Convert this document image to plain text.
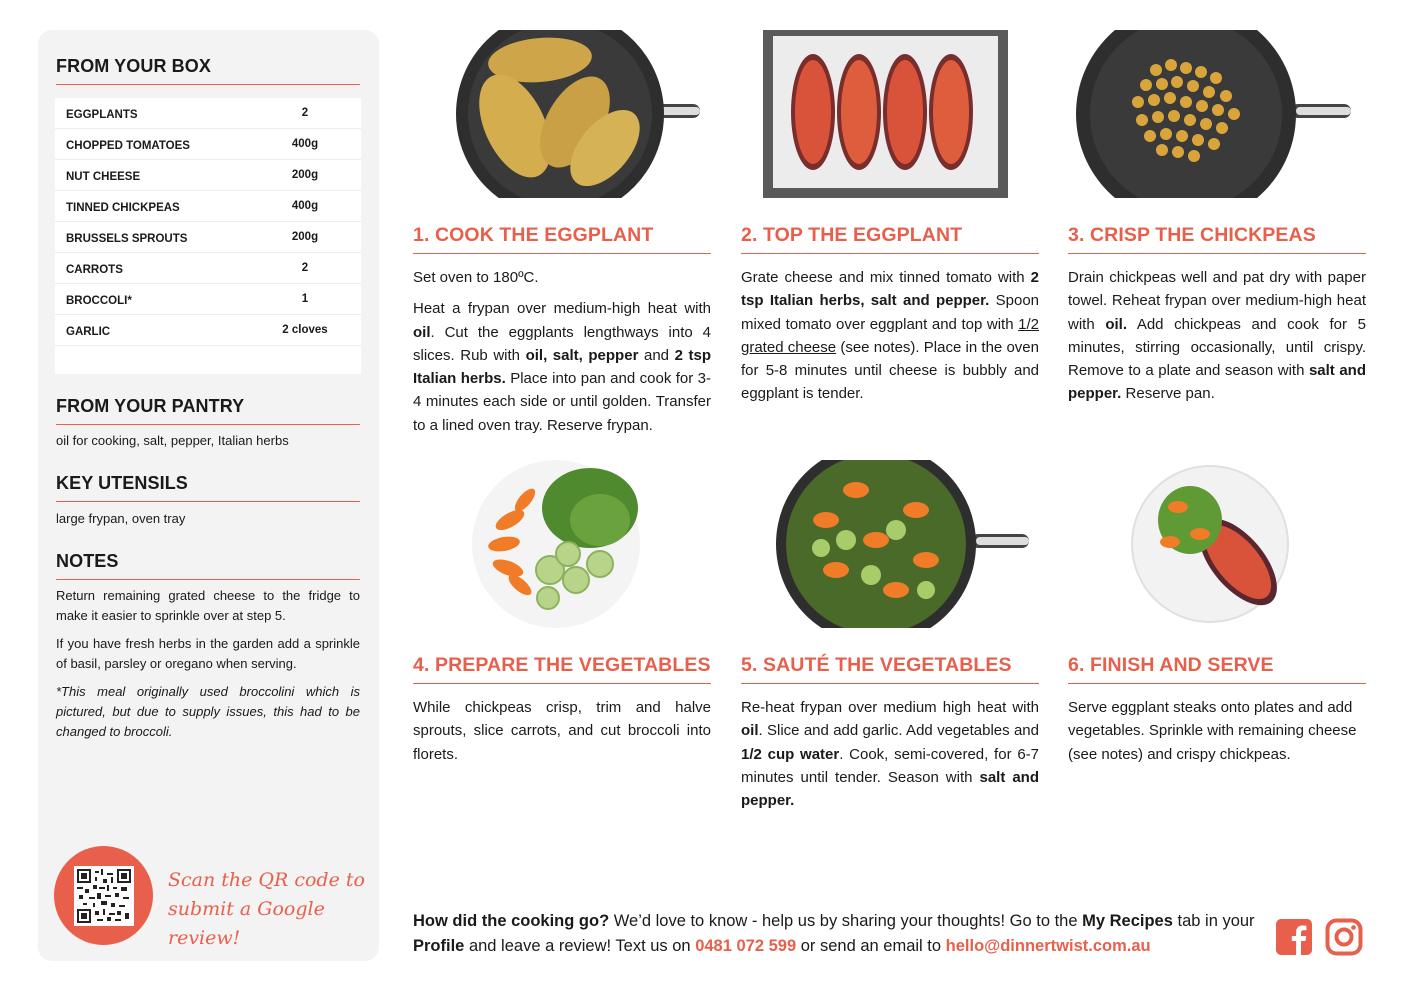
FROM YOUR BOX
EGGPLANTS	2
CHOPPED TOMATOES	400g
NUT CHEESE	200g
TINNED CHICKPEAS	400g
BRUSSELS SPROUTS	200g
CARROTS	2
BROCCOLI*	1
GARLIC	2 cloves
FROM YOUR PANTRY
oil for cooking, salt, pepper, Italian herbs
KEY UTENSILS
large frypan, oven tray
NOTES

Return remaining grated cheese to the fridge to make it easier to sprinkle over at step 5.

If you have fresh herbs in the garden add a sprinkle of basil, parsley or oregano when serving.

*This meal originally used broccolini which is pictured, but due to supply issues, this had to be changed to broccoli.

Scan the QR code to submit a Google review!
1. COOK THE EGGPLANT

Set oven to 180ºC.

Heat a frypan over medium-high heat with oil. Cut the eggplants lengthways into 4 slices. Rub with oil, salt, pepper and 2 tsp Italian herbs. Place into pan and cook for 3-4 minutes each side or until golden. Transfer to a lined oven tray. Reserve frypan.

2. TOP THE EGGPLANT

Grate cheese and mix tinned tomato with 2 tsp Italian herbs, salt and pepper. Spoon mixed tomato over eggplant and top with 1/2 grated cheese (see notes). Place in the oven for 5-8 minutes until cheese is bubbly and eggplant is tender.

3. CRISP THE CHICKPEAS

Drain chickpeas well and pat dry with paper towel. Reheat frypan over medium-high heat with oil. Add chickpeas and cook for 5 minutes, stirring occasionally, until crispy. Remove to a plate and season with salt and pepper. Reserve pan.

4. PREPARE THE VEGETABLES

While chickpeas crisp, trim and halve sprouts, slice carrots, and cut broccoli into florets.

5. SAUTÉ THE VEGETABLES

Re-heat frypan over medium high heat with oil. Slice and add garlic. Add vegetables and 1/2 cup water. Cook, semi-covered, for 6-7 minutes until tender. Season with salt and pepper.

6. FINISH AND SERVE

Serve eggplant steaks onto plates and add vegetables. Sprinkle with remaining cheese (see notes) and crispy chickpeas.

How did the cooking go? We’d love to know - help us by sharing your thoughts! Go to the My Recipes tab in your Profile and leave a review! Text us on 0481 072 599 or send an email to hello@dinnertwist.com.au
